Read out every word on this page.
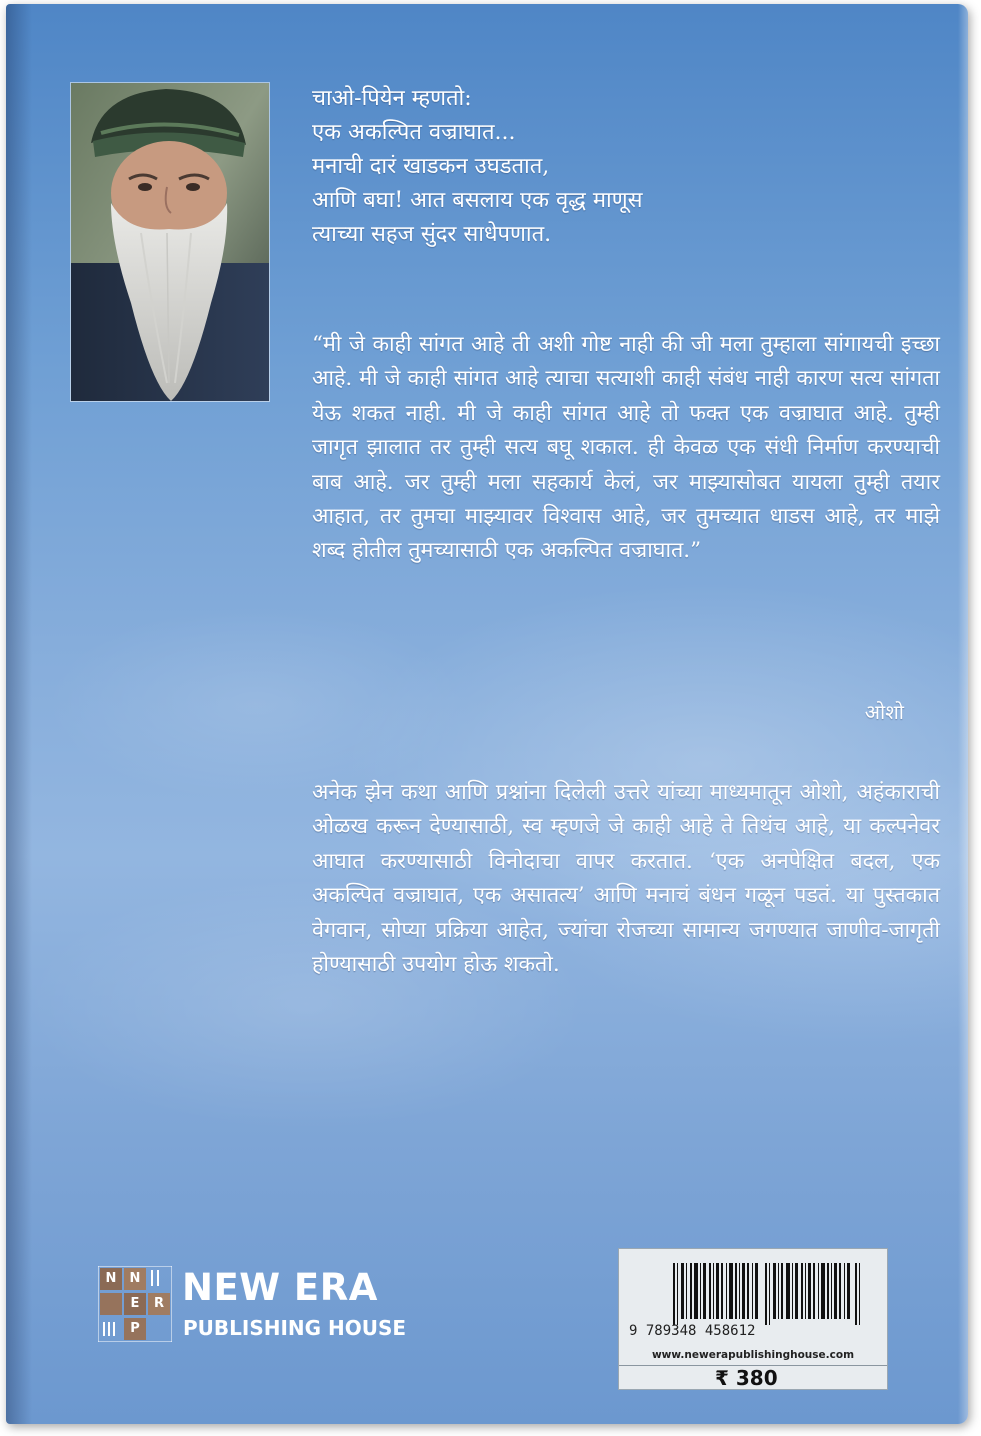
चाओ-पियेन म्हणतो:
एक अकल्पित वज्राघात...
मनाची दारं खाडकन उघडतात,
आणि बघा! आत बसलाय एक वृद्ध माणूस
त्याच्या सहज सुंदर साधेपणात.
“मी जे काही सांगत आहे ती अशी गोष्ट नाही की जी मला तुम्हाला सांगायची इच्छा आहे. मी जे काही सांगत आहे त्याचा सत्याशी काही संबंध नाही कारण सत्य सांगता येऊ शकत नाही. मी जे काही सांगत आहे तो फक्त एक वज्राघात आहे. तुम्ही जागृत झालात तर तुम्ही सत्य बघू शकाल. ही केवळ एक संधी निर्माण करण्याची बाब आहे. जर तुम्ही मला सहकार्य केलं, जर माझ्यासोबत यायला तुम्ही तयार आहात, तर तुमचा माझ्यावर विश्वास आहे, जर तुमच्यात धाडस आहे, तर माझे शब्द होतील तुमच्यासाठी एक अकल्पित वज्राघात.”
ओशो
अनेक झेन कथा आणि प्रश्नांना दिलेली उत्तरे यांच्या माध्यमातून ओशो, अहंकाराची ओळख करून देण्यासाठी, स्व म्हणजे जे काही आहे ते तिथंच आहे, या कल्पनेवर आघात करण्यासाठी विनोदाचा वापर करतात. ‘एक अनपेक्षित बदल, एक अकल्पित वज्राघात, एक असातत्य’ आणि मनाचं बंधन गळून पडतं. या पुस्तकात वेगवान, सोप्या प्रक्रिया आहेत, ज्यांचा रोजच्या सामान्य जगण्यात जाणीव-जागृती होण्यासाठी उपयोग होऊ शकतो.
N	N
E	R
P
NEW ERA
PUBLISHING HOUSE	9 789348 458612
www.newerapublishinghouse.com
₹ 380
